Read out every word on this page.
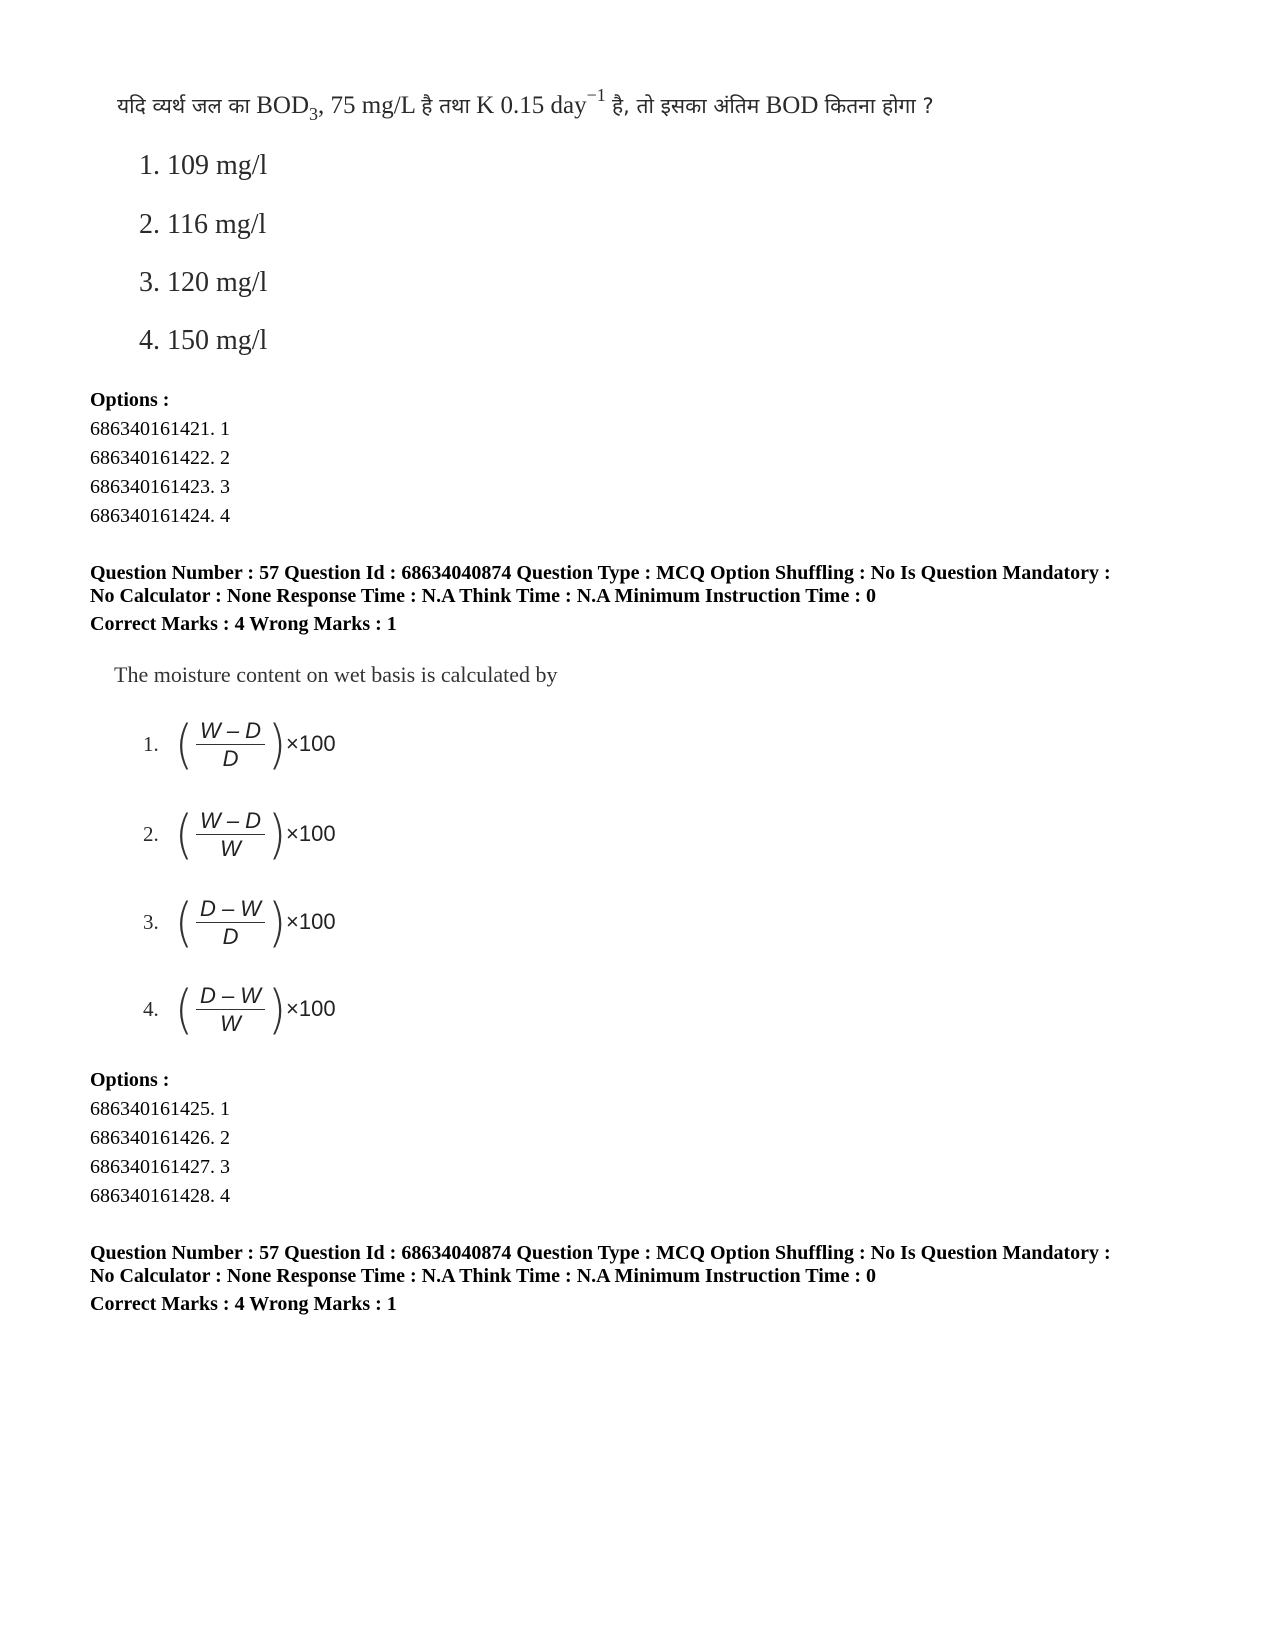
यदि व्यर्थ जल का $BOD_3$, 75 mg/L है तथा K 0.15 day$^{-1}$ है, तो इसका अंतिम BOD कितना होगा ?
1. 109 mg/l
2. 116 mg/l
3. 120 mg/l
4. 150 mg/l
Options :
686340161421. 1
686340161422. 2
686340161423. 3
686340161424. 4
Question Number : 57 Question Id : 68634040874 Question Type : MCQ Option Shuffling : No Is Question Mandatory :
No Calculator : None Response Time : N.A Think Time : N.A Minimum Instruction Time : 0
Correct Marks : 4 Wrong Marks : 1
The moisture content on wet basis is calculated by
1. ( $\frac{W - D}{D}$ ) ×100
2. ( $\frac{W - D}{W}$ ) ×100
3. ( $\frac{D - W}{D}$ ) ×100
4. ( $\frac{D - W}{W}$ ) ×100
Options :
686340161425. 1
686340161426. 2
686340161427. 3
686340161428. 4
Question Number : 57 Question Id : 68634040874 Question Type : MCQ Option Shuffling : No Is Question Mandatory :
No Calculator : None Response Time : N.A Think Time : N.A Minimum Instruction Time : 0
Correct Marks : 4 Wrong Marks : 1
